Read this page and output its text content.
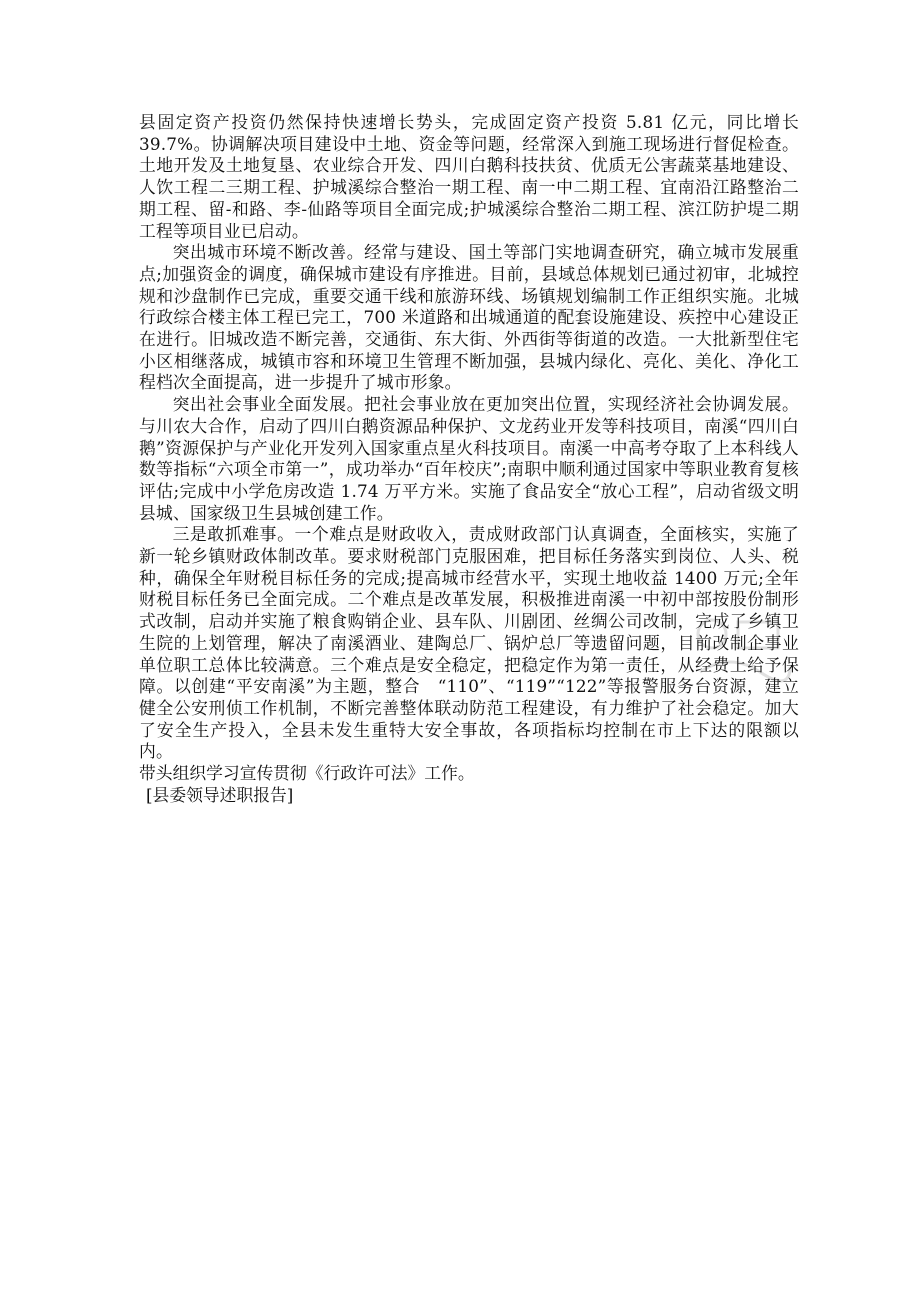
县固定资产投资仍然保持快速增长势头，完成固定资产投资 5.81 亿元，同比增长 39.7%。协调解决项目建设中土地、资金等问题，经常深入到施工现场进行督促检查。土地开发及土地复垦、农业综合开发、四川白鹅科技扶贫、优质无公害蔬菜基地建设、人饮工程二三期工程、护城溪综合整治一期工程、南一中二期工程、宜南沿江路整治二期工程、留-和路、李-仙路等项目全面完成;护城溪综合整治二期工程、滨江防护堤二期工程等项目业已启动。

突出城市环境不断改善。经常与建设、国土等部门实地调查研究，确立城市发展重点;加强资金的调度，确保城市建设有序推进。目前，县域总体规划已通过初审，北城控规和沙盘制作已完成，重要交通干线和旅游环线、场镇规划编制工作正组织实施。北城行政综合楼主体工程已完工，700 米道路和出城通道的配套设施建设、疾控中心建设正在进行。旧城改造不断完善，交通街、东大街、外西街等街道的改造。一大批新型住宅小区相继落成，城镇市容和环境卫生管理不断加强，县城内绿化、亮化、美化、净化工程档次全面提高，进一步提升了城市形象。

突出社会事业全面发展。把社会事业放在更加突出位置，实现经济社会协调发展。与川农大合作，启动了四川白鹅资源品种保护、文龙药业开发等科技项目，南溪“四川白鹅”资源保护与产业化开发列入国家重点星火科技项目。南溪一中高考夺取了上本科线人数等指标“六项全市第一”，成功举办“百年校庆”;南职中顺利通过国家中等职业教育复核评估;完成中小学危房改造 1.74 万平方米。实施了食品安全“放心工程”，启动省级文明县城、国家级卫生县城创建工作。

三是敢抓难事。一个难点是财政收入，责成财政部门认真调查，全面核实，实施了新一轮乡镇财政体制改革。要求财税部门克服困难，把目标任务落实到岗位、人头、税种，确保全年财税目标任务的完成;提高城市经营水平，实现土地收益 1400 万元;全年财税目标任务已全面完成。二个难点是改革发展，积极推进南溪一中初中部按股份制形式改制，启动并实施了粮食购销企业、县车队、川剧团、丝绸公司改制，完成了乡镇卫生院的上划管理，解决了南溪酒业、建陶总厂、锅炉总厂等遗留问题，目前改制企事业单位职工总体比较满意。三个难点是安全稳定，把稳定作为第一责任，从经费上给予保障。以创建“平安南溪”为主题，整合　“110”、“119”“122”等报警服务台资源，建立健全公安刑侦工作机制，不断完善整体联动防范工程建设，有力维护了社会稳定。加大了安全生产投入，全县未发生重特大安全事故，各项指标均控制在市上下达的限额以内。

带头组织学习宣传贯彻《行政许可法》工作。

[县委领导述职报告]
